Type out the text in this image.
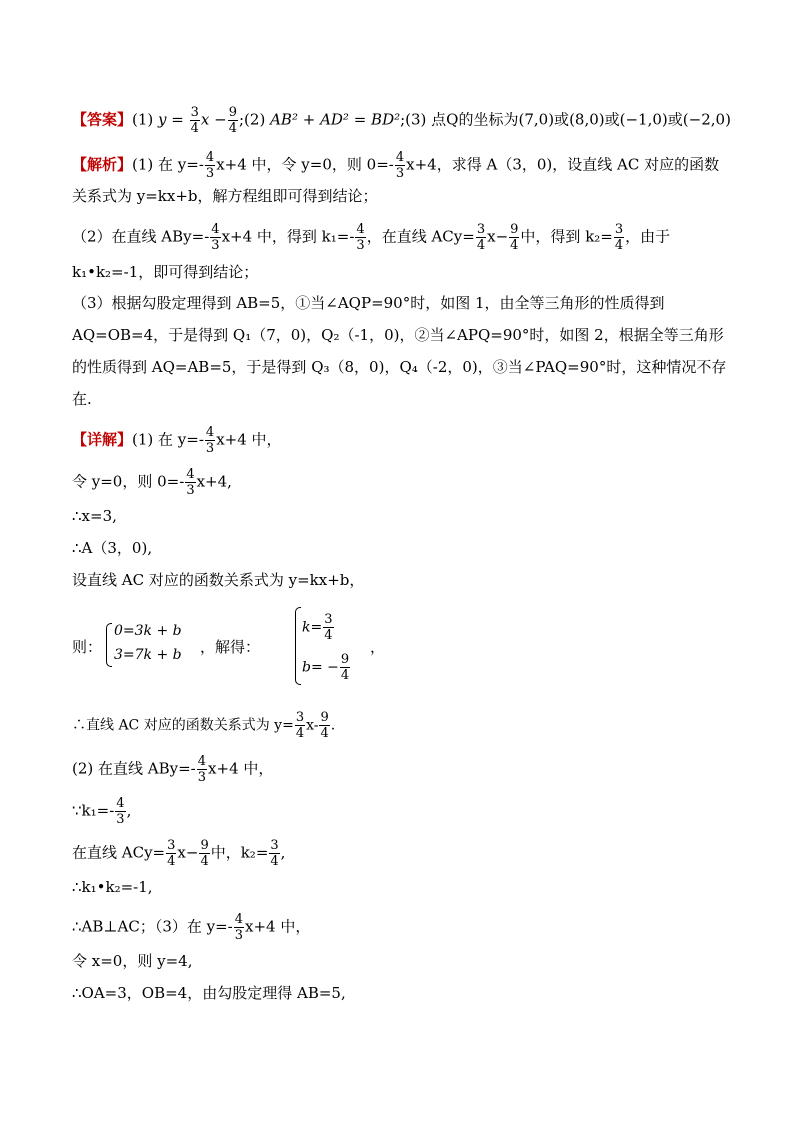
【答案】(1) $y = \frac{3}{4}$ $x - \frac{9}{4}$ ;(2) AB² + AD² = BD²;(3) 点Q的坐标为(7,0)或(8,0)或(−1,0)或(−2,0)
【解析】(1) 在 $y=- \frac{4}{3} x+4$ 中，令 y=0，则 $0=- \frac{4}{3} x+4$，求得 A（3，0)，设直线 AC 对应的函数
关系式为 y=kx+b，解方程组即可得到结论；
（2）在直线 $ABy=- \frac{4}{3} x+4$ 中，得到 $k_1=- \frac{4}{3}$ ，在直线 $ACy= \frac{3}{4} x- \frac{9}{4}$ 中，得到 $k_2= \frac{3}{4}$ ，由于
k₁•k₂=-1，即可得到结论；
（3）根据勾股定理得到 AB=5，①当∠AQP=90°时，如图 1，由全等三角形的性质得到
AQ=OB=4，于是得到 Q₁（7，0)，Q₂（-1，0)，②当∠APQ=90°时，如图 2，根据全等三角形
的性质得到 AQ=AB=5，于是得到 Q₃（8，0)，Q₄（-2，0)，③当∠PAQ=90°时，这种情况不存
在.
【详解】(1) 在 $y=- \frac{4}{3} x+4$ 中，
令 y=0，则 $0=- \frac{4}{3} x+4$,
∴x=3,
∴A（3，0),
设直线 AC 对应的函数关系式为 y=kx+b，
则：
0=3k + b
3=7k + b ，解得：
$k= \frac{3}{4}$
$b= - \frac{9}{4}$
，
∴直线 AC 对应的函数关系式为 $y= \frac{3}{4} x- \frac{9}{4}$ .
(2) 在直线 $ABy=- \frac{4}{3} x+4$ 中，
∵k₁=- $\frac{4}{3}$ ,
在直线 $ACy= \frac{3}{4} x- \frac{9}{4}$ 中，$k_2= \frac{3}{4}$ ,
∴k₁•k₂=-1,
∴AB⊥AC；（3）在 $y=- \frac{4}{3} x+4$ 中，
令 x=0，则 y=4,
∴OA=3，OB=4，由勾股定理得 AB=5,
